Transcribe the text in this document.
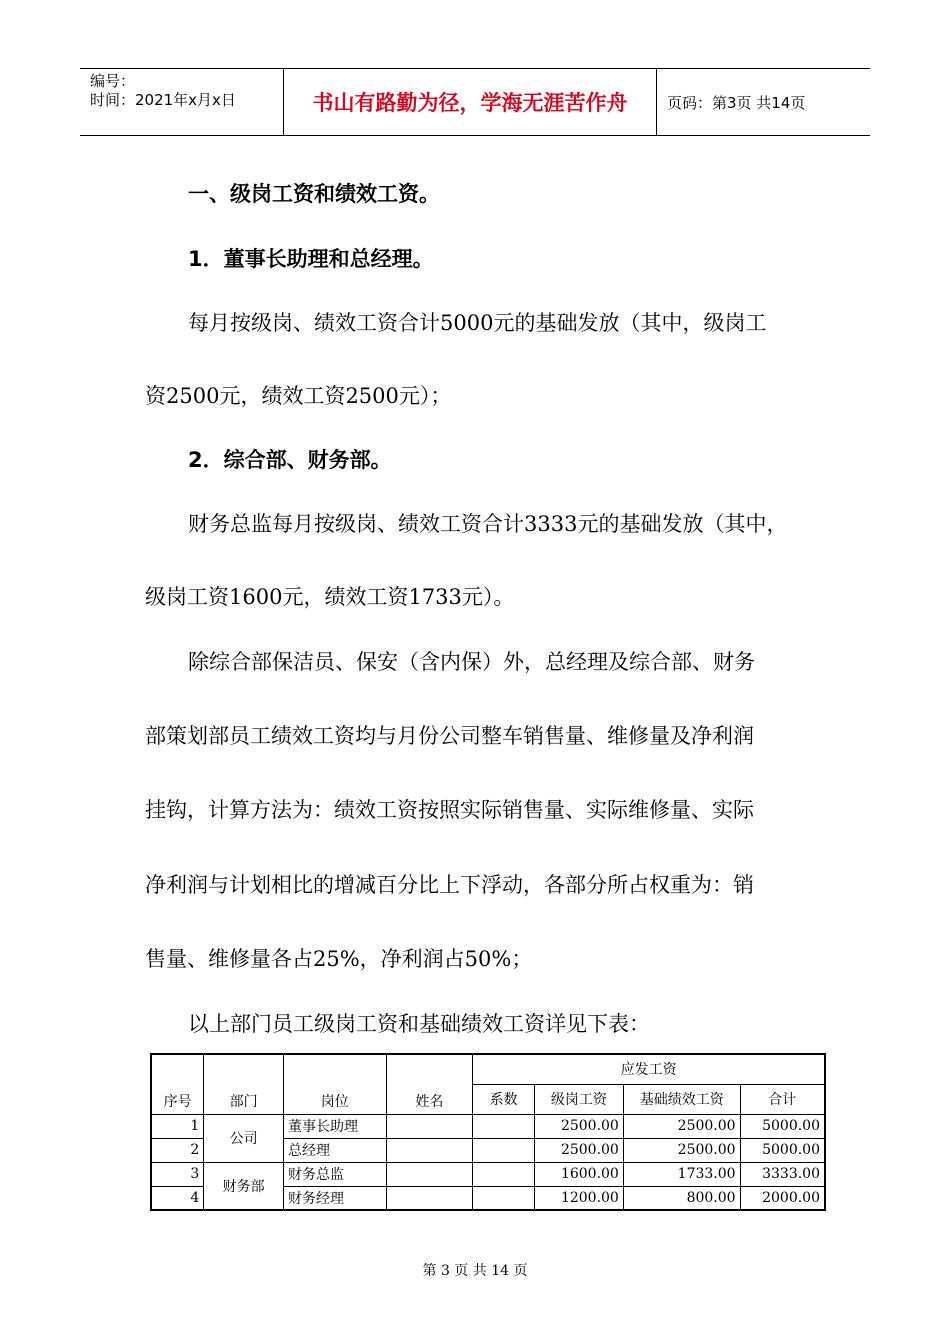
编号：
时间：2021年x月x日	书山有路勤为径，学海无涯苦作舟	页码：第3页 共14页
一、级岗工资和绩效工资。
1．董事长助理和总经理。
每月按级岗、绩效工资合计5000元的基础发放（其中，级岗工
资2500元，绩效工资2500元）；
2．综合部、财务部。
财务总监每月按级岗、绩效工资合计3333元的基础发放（其中，
级岗工资1600元，绩效工资1733元）。
除综合部保洁员、保安（含内保）外，总经理及综合部、财务
部策划部员工绩效工资均与月份公司整车销售量、维修量及净利润
挂钩，计算方法为：绩效工资按照实际销售量、实际维修量、实际
净利润与计划相比的增减百分比上下浮动，各部分所占权重为：销
售量、维修量各占25%，净利润占50%；
以上部门员工级岗工资和基础绩效工资详见下表：
序号	部门	岗位	姓名	应发工资			
				系数	级岗工资	基础绩效工资	合计
1	公司	董事长助理			2500.00	2500.00	5000.00
2		总经理			2500.00	2500.00	5000.00
3	财务部	财务总监			1600.00	1733.00	3333.00
4		财务经理			1200.00	800.00	2000.00
第 3 页 共 14 页
